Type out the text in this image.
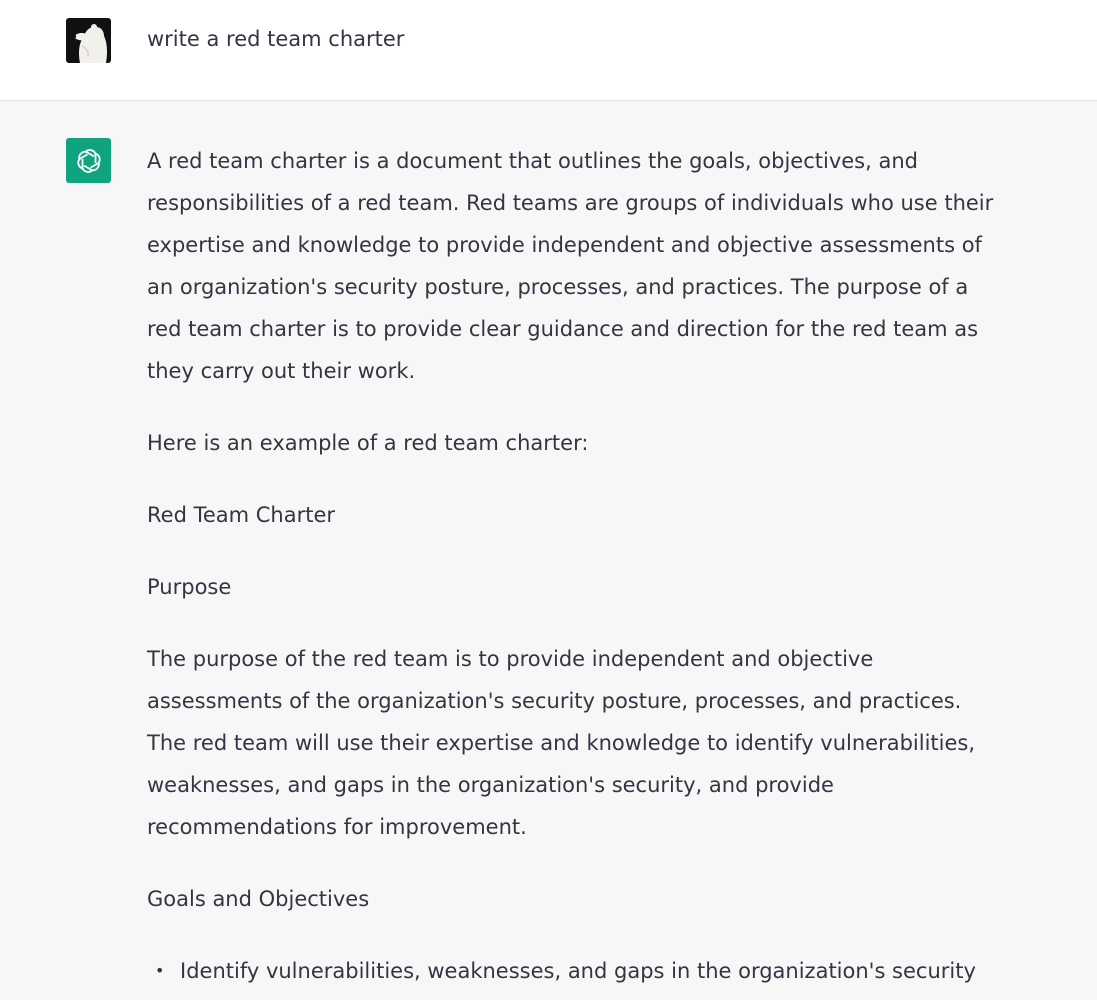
write a red team charter

A red team charter is a document that outlines the goals, objectives, and responsibilities of a red team. Red teams are groups of individuals who use their expertise and knowledge to provide independent and objective assessments of an organization's security posture, processes, and practices. The purpose of a red team charter is to provide clear guidance and direction for the red team as they carry out their work.

Here is an example of a red team charter:

Red Team Charter

Purpose

The purpose of the red team is to provide independent and objective assessments of the organization's security posture, processes, and practices. The red team will use their expertise and knowledge to identify vulnerabilities, weaknesses, and gaps in the organization's security, and provide recommendations for improvement.

Goals and Objectives

• Identify vulnerabilities, weaknesses, and gaps in the organization's security
